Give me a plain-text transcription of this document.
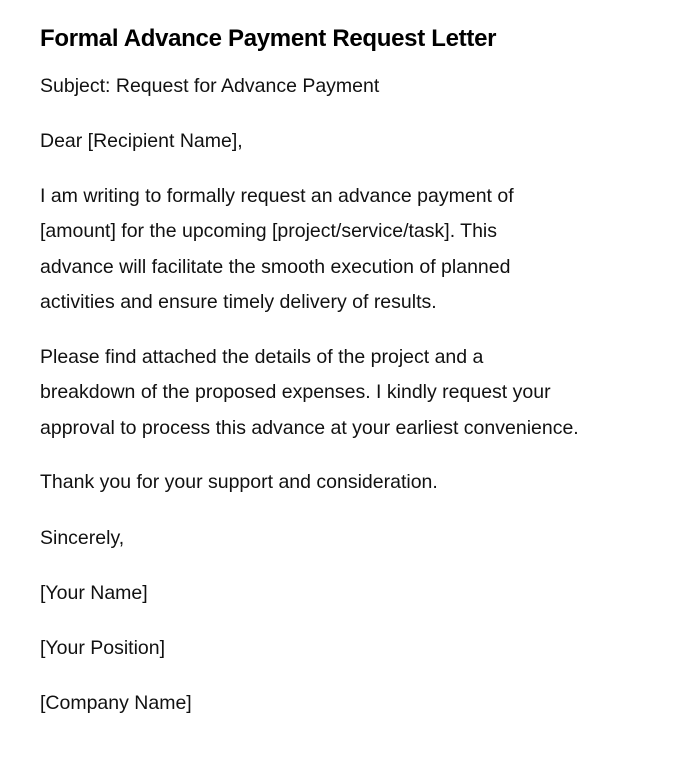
Formal Advance Payment Request Letter

Subject: Request for Advance Payment

Dear [Recipient Name],

I am writing to formally request an advance payment of
[amount] for the upcoming [project/service/task]. This
advance will facilitate the smooth execution of planned
activities and ensure timely delivery of results.
Please find attached the details of the project and a
breakdown of the proposed expenses. I kindly request your
approval to process this advance at your earliest convenience.

Thank you for your support and consideration.

Sincerely,

[Your Name]

[Your Position]

[Company Name]
